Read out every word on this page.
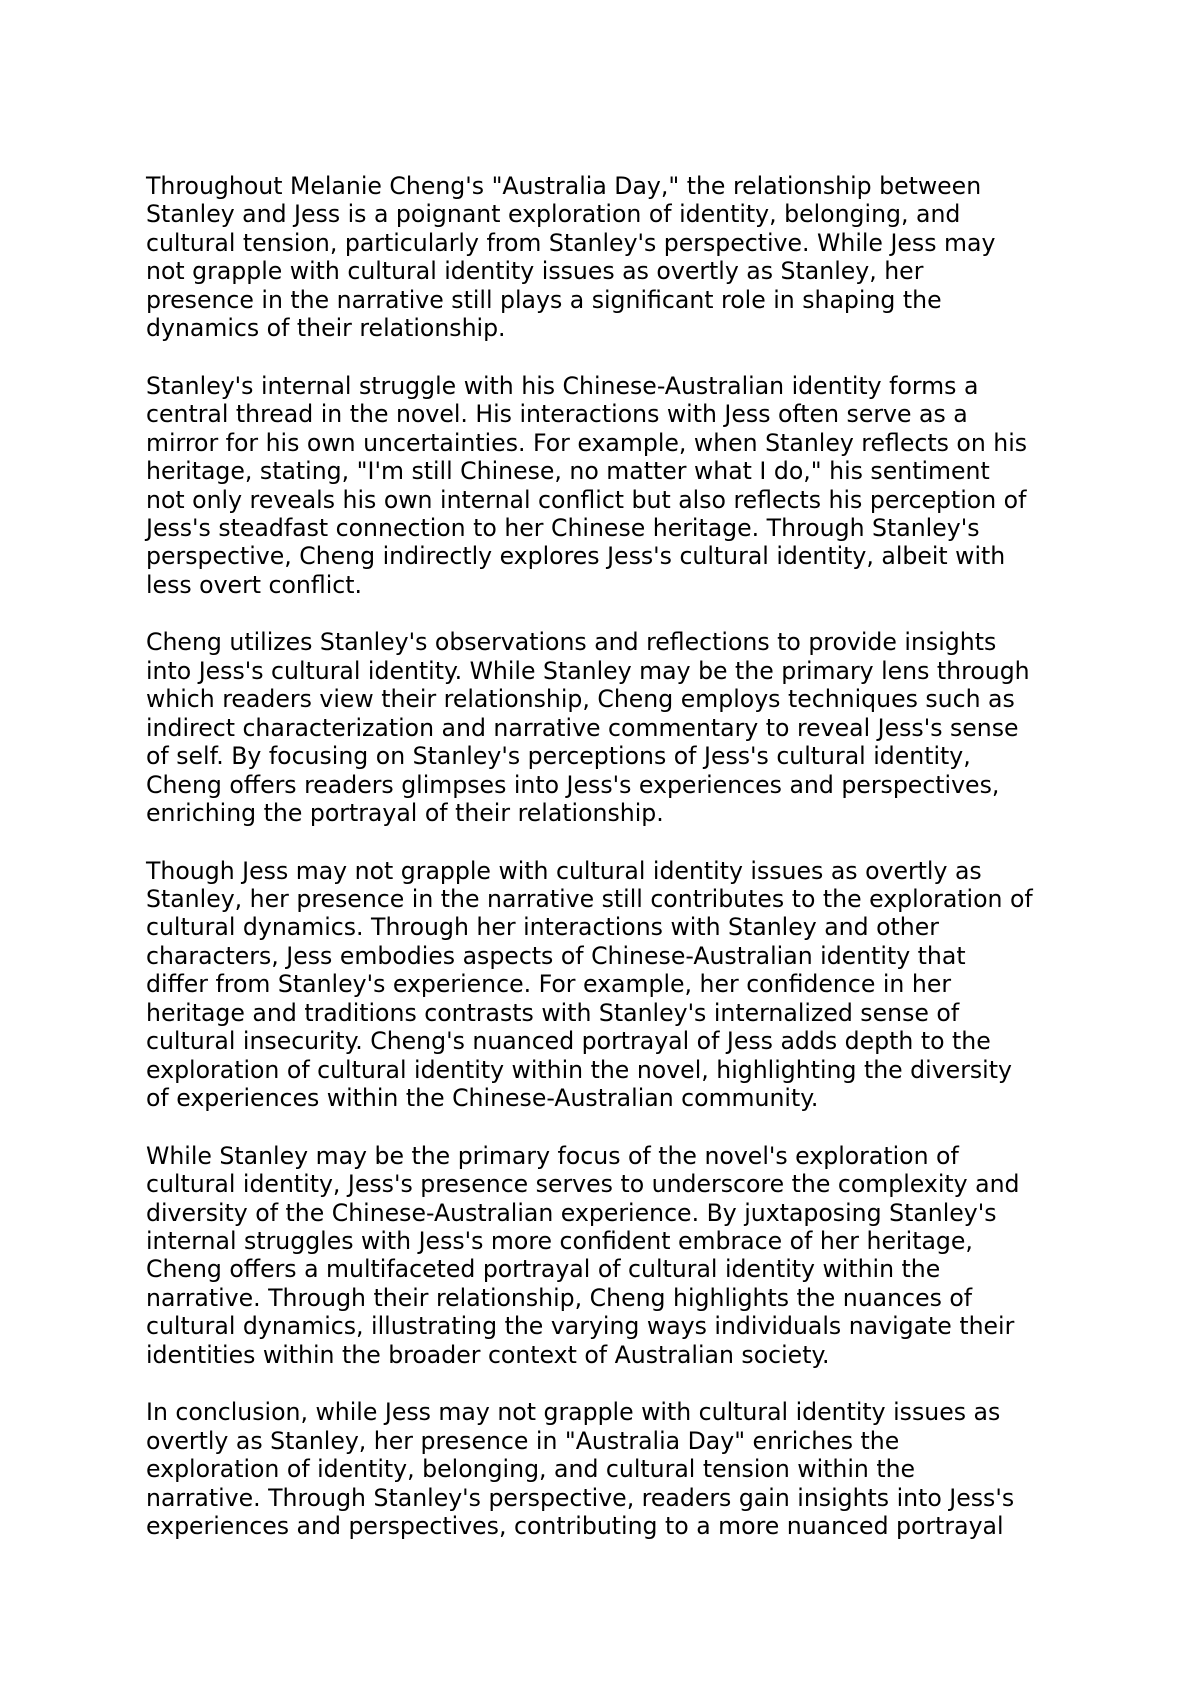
Throughout Melanie Cheng's "Australia Day," the relationship between
Stanley and Jess is a poignant exploration of identity, belonging, and
cultural tension, particularly from Stanley's perspective. While Jess may
not grapple with cultural identity issues as overtly as Stanley, her
presence in the narrative still plays a significant role in shaping the
dynamics of their relationship.

Stanley's internal struggle with his Chinese-Australian identity forms a
central thread in the novel. His interactions with Jess often serve as a
mirror for his own uncertainties. For example, when Stanley reflects on his
heritage, stating, "I'm still Chinese, no matter what I do," his sentiment
not only reveals his own internal conflict but also reflects his perception of
Jess's steadfast connection to her Chinese heritage. Through Stanley's
perspective, Cheng indirectly explores Jess's cultural identity, albeit with
less overt conflict.

Cheng utilizes Stanley's observations and reflections to provide insights
into Jess's cultural identity. While Stanley may be the primary lens through
which readers view their relationship, Cheng employs techniques such as
indirect characterization and narrative commentary to reveal Jess's sense
of self. By focusing on Stanley's perceptions of Jess's cultural identity,
Cheng offers readers glimpses into Jess's experiences and perspectives,
enriching the portrayal of their relationship.

Though Jess may not grapple with cultural identity issues as overtly as
Stanley, her presence in the narrative still contributes to the exploration of
cultural dynamics. Through her interactions with Stanley and other
characters, Jess embodies aspects of Chinese-Australian identity that
differ from Stanley's experience. For example, her confidence in her
heritage and traditions contrasts with Stanley's internalized sense of
cultural insecurity. Cheng's nuanced portrayal of Jess adds depth to the
exploration of cultural identity within the novel, highlighting the diversity
of experiences within the Chinese-Australian community.

While Stanley may be the primary focus of the novel's exploration of
cultural identity, Jess's presence serves to underscore the complexity and
diversity of the Chinese-Australian experience. By juxtaposing Stanley's
internal struggles with Jess's more confident embrace of her heritage,
Cheng offers a multifaceted portrayal of cultural identity within the
narrative. Through their relationship, Cheng highlights the nuances of
cultural dynamics, illustrating the varying ways individuals navigate their
identities within the broader context of Australian society.

In conclusion, while Jess may not grapple with cultural identity issues as
overtly as Stanley, her presence in "Australia Day" enriches the
exploration of identity, belonging, and cultural tension within the
narrative. Through Stanley's perspective, readers gain insights into Jess's
experiences and perspectives, contributing to a more nuanced portrayal
